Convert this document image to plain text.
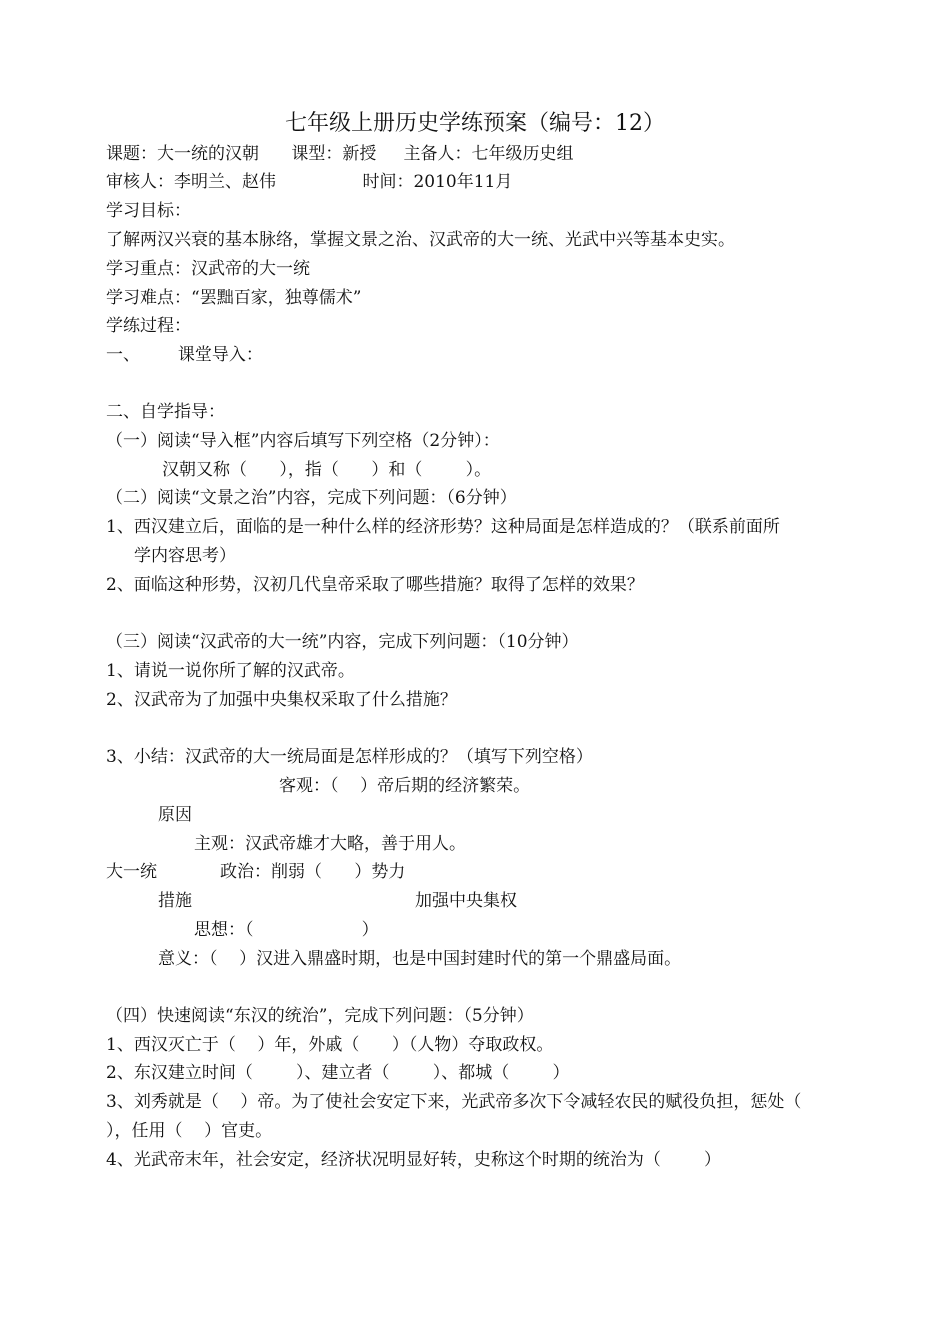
七年级上册历史学练预案（编号：12）
课题：大一统的汉朝      课型：新授     主备人：七年级历史组
审核人：李明兰、赵伟                时间：2010年11月
学习目标：
了解两汉兴衰的基本脉络，掌握文景之治、汉武帝的大一统、光武中兴等基本史实。
学习重点：汉武帝的大一统
学习难点：“罢黜百家，独尊儒术”
学练过程：
一、       课堂导入：
二、自学指导：
（一）阅读“导入框”内容后填写下列空格（2分钟）：
汉朝又称（      ），指（      ）和（        ）。
（二）阅读“文景之治”内容，完成下列问题：（6分钟）
1、西汉建立后，面临的是一种什么样的经济形势？这种局面是怎样造成的？（联系前面所
学内容思考）
2、面临这种形势，汉初几代皇帝采取了哪些措施？取得了怎样的效果？
（三）阅读“汉武帝的大一统”内容，完成下列问题：（10分钟）
1、请说一说你所了解的汉武帝。
2、汉武帝为了加强中央集权采取了什么措施？
3、小结：汉武帝的大一统局面是怎样形成的？（填写下列空格）
客观：（    ）帝后期的经济繁荣。
原因
主观：汉武帝雄才大略，善于用人。
大一统	政治：削弱（      ）势力
措施	加强中央集权
思想：（                    ）
意义：（    ）汉进入鼎盛时期，也是中国封建时代的第一个鼎盛局面。
（四）快速阅读“东汉的统治”，完成下列问题：（5分钟）
1、西汉灭亡于（    ）年，外戚（      ）（人物）夺取政权。
2、东汉建立时间（        ）、建立者（        ）、都城（        ）
3、刘秀就是（    ）帝。为了使社会安定下来，光武帝多次下令减轻农民的赋役负担，惩处（
），任用（    ）官吏。
4、光武帝末年，社会安定，经济状况明显好转，史称这个时期的统治为（        ）
